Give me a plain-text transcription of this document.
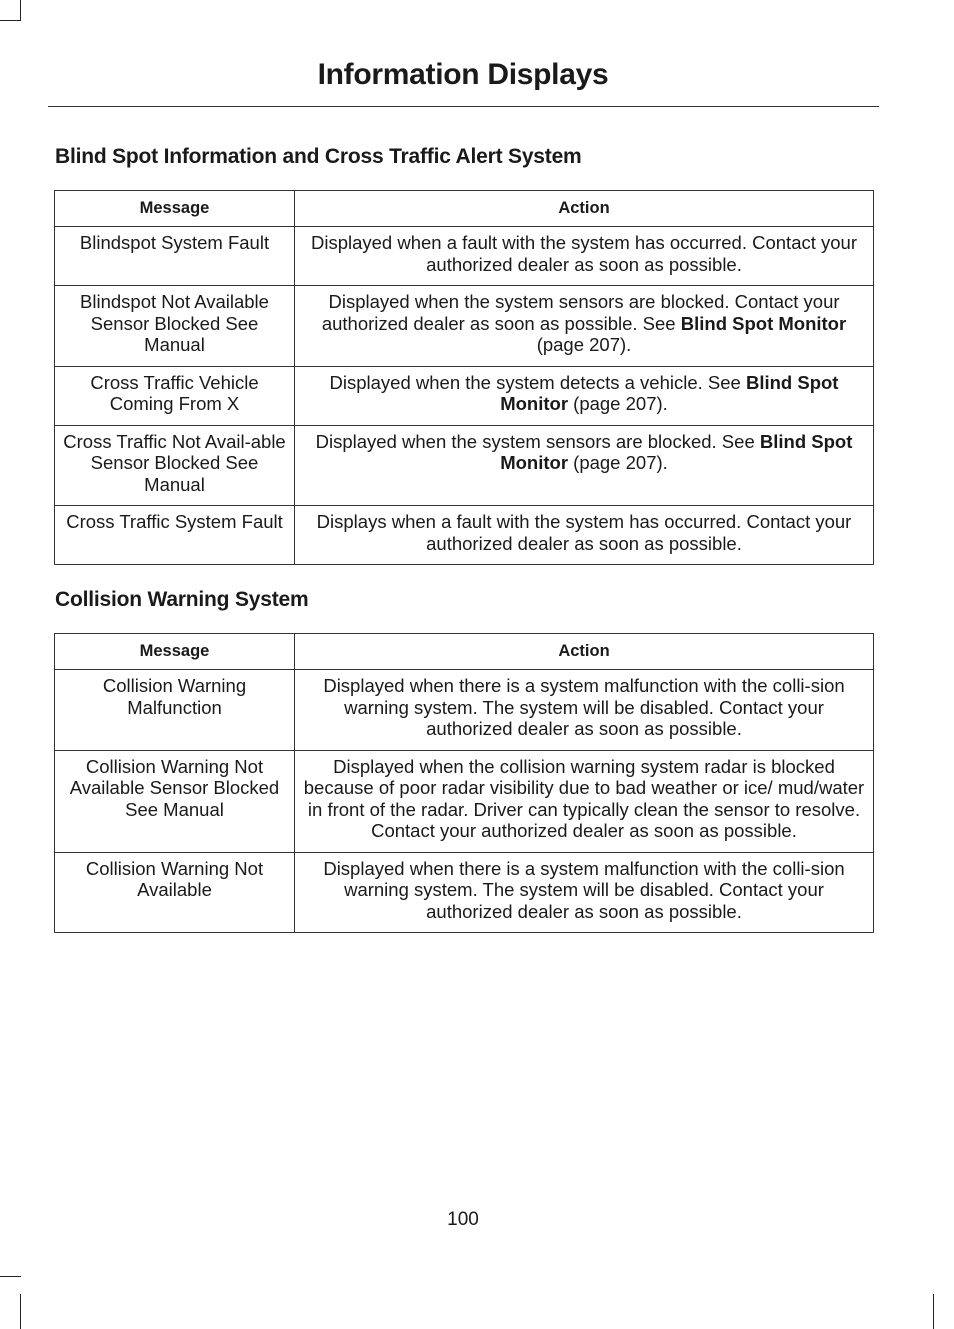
Information Displays
Blind Spot Information and Cross Traffic Alert System
Message	Action
Blindspot System Fault	Displayed when a fault with the system has occurred. Contact your authorized dealer as soon as possible.
Blindspot Not Available Sensor Blocked See Manual	Displayed when the system sensors are blocked. Contact your authorized dealer as soon as possible. See Blind Spot Monitor (page 207).
Cross Traffic Vehicle Coming From X	Displayed when the system detects a vehicle. See Blind Spot Monitor (page 207).
Cross Traffic Not Avail-able Sensor Blocked See Manual	Displayed when the system sensors are blocked. See Blind Spot Monitor (page 207).
Cross Traffic System Fault	Displays when a fault with the system has occurred. Contact your authorized dealer as soon as possible.
Collision Warning System
Message	Action
Collision Warning Malfunction	Displayed when there is a system malfunction with the colli-sion warning system. The system will be disabled. Contact your authorized dealer as soon as possible.
Collision Warning Not Available Sensor Blocked See Manual	Displayed when the collision warning system radar is blocked because of poor radar visibility due to bad weather or ice/ mud/water in front of the radar. Driver can typically clean the sensor to resolve. Contact your authorized dealer as soon as possible.
Collision Warning Not Available	Displayed when there is a system malfunction with the colli-sion warning system. The system will be disabled. Contact your authorized dealer as soon as possible.
100
